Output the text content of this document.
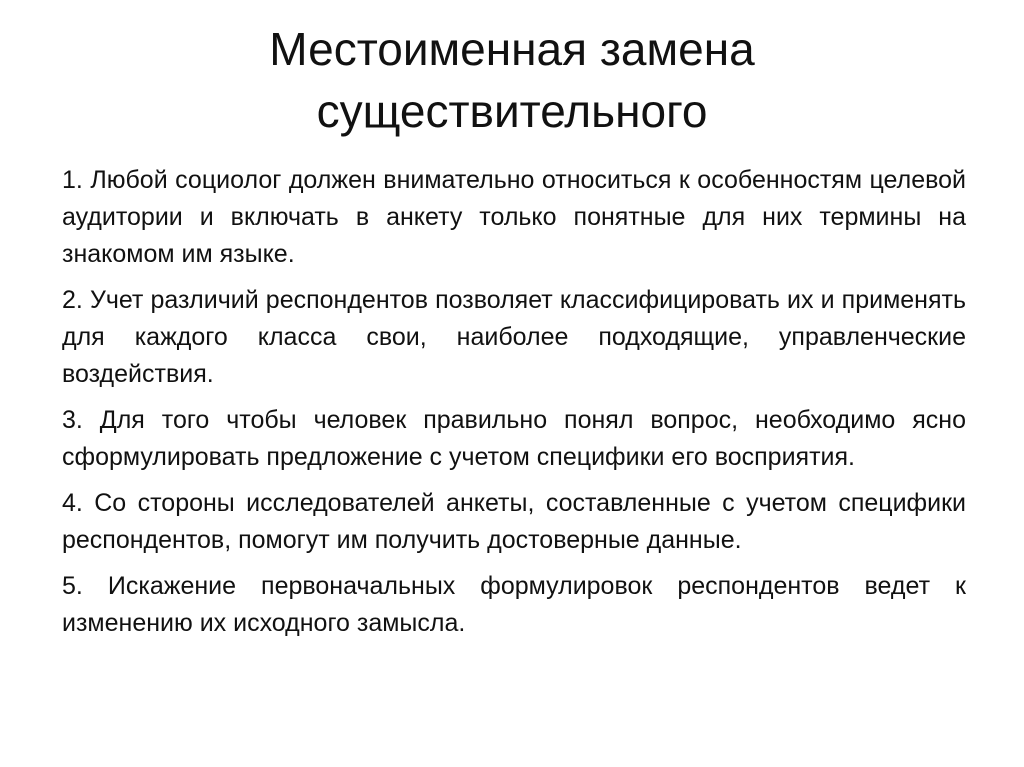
Местоименная замена
существительного
1. Любой социолог должен внимательно относиться к особенностям целевой аудитории и включать в анкету только понятные для них термины на знакомом им языке.
2. Учет различий респондентов позволяет классифицировать их и применять для каждого класса свои, наиболее подходящие, управленческие воздействия.
3. Для того чтобы человек правильно понял вопрос, необходимо ясно сформулировать предложение с учетом специфики его восприятия.
4. Со стороны исследователей анкеты, составленные с учетом специфики респондентов, помогут им получить достоверные данные.
5. Искажение первоначальных формулировок респондентов ведет к изменению их исходного замысла.
